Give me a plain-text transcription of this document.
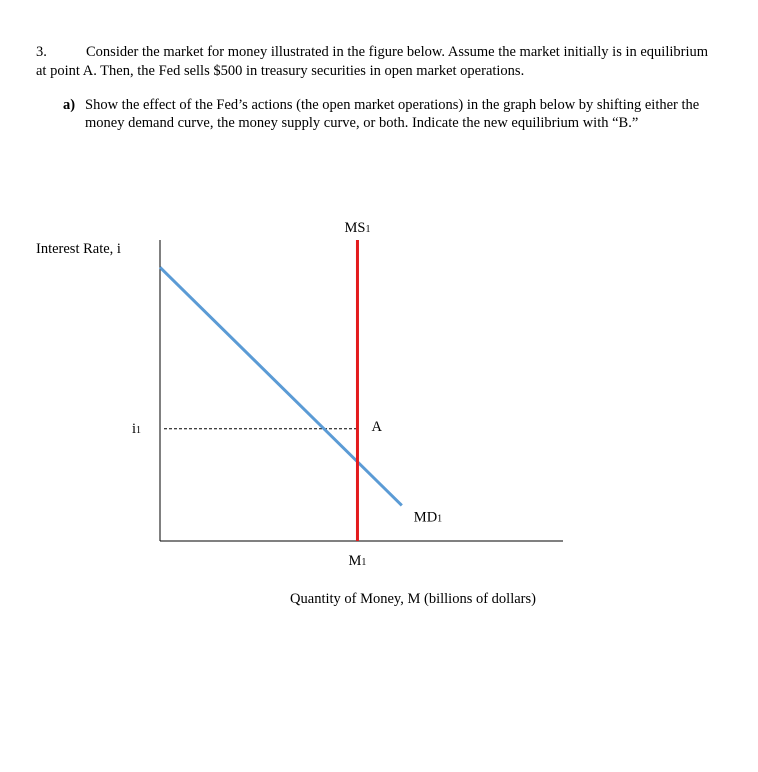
3.	Consider the market for money illustrated in the figure below. Assume the market initially is in equilibrium at point A. Then, the Fed sells $500 in treasury securities in open market operations.
a) Show the effect of the Fed’s actions (the open market operations) in the graph below by shifting either the money demand curve, the money supply curve, or both. Indicate the new equilibrium with “B.”
MD1
MS1
A
i1
M1
Interest Rate, i
Quantity of Money, M (billions of dollars)
